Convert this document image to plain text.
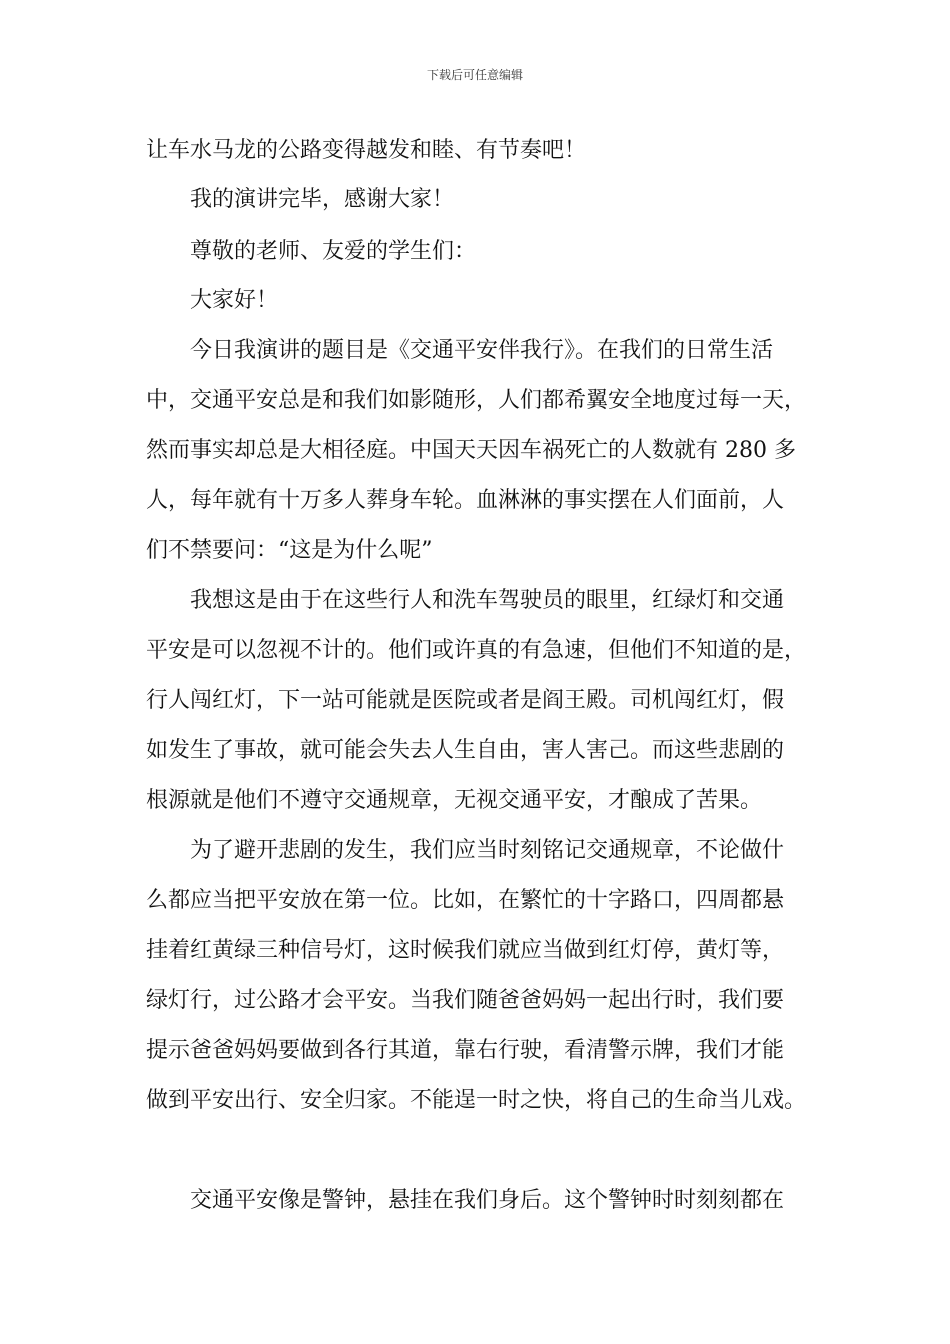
下载后可任意编辑
让车水马龙的公路变得越发和睦、有节奏吧！
我的演讲完毕，感谢大家！
尊敬的老师、友爱的学生们：
大家好！
今日我演讲的题目是《交通平安伴我行》。在我们的日常生活
中，交通平安总是和我们如影随形，人们都希翼安全地度过每一天，
然而事实却总是大相径庭。中国天天因车祸死亡的人数就有 280 多
人，每年就有十万多人葬身车轮。血淋淋的事实摆在人们面前，人
们不禁要问：“这是为什么呢”
我想这是由于在这些行人和洗车驾驶员的眼里，红绿灯和交通
平安是可以忽视不计的。他们或许真的有急速，但他们不知道的是，
行人闯红灯，下一站可能就是医院或者是阎王殿。司机闯红灯，假
如发生了事故，就可能会失去人生自由，害人害己。而这些悲剧的
根源就是他们不遵守交通规章，无视交通平安，才酿成了苦果。
为了避开悲剧的发生，我们应当时刻铭记交通规章，不论做什
么都应当把平安放在第一位。比如，在繁忙的十字路口，四周都悬
挂着红黄绿三种信号灯，这时候我们就应当做到红灯停，黄灯等，
绿灯行，过公路才会平安。当我们随爸爸妈妈一起出行时，我们要
提示爸爸妈妈要做到各行其道，靠右行驶，看清警示牌，我们才能
做到平安出行、安全归家。不能逞一时之快，将自己的生命当儿戏。
交通平安像是警钟，悬挂在我们身后。这个警钟时时刻刻都在
